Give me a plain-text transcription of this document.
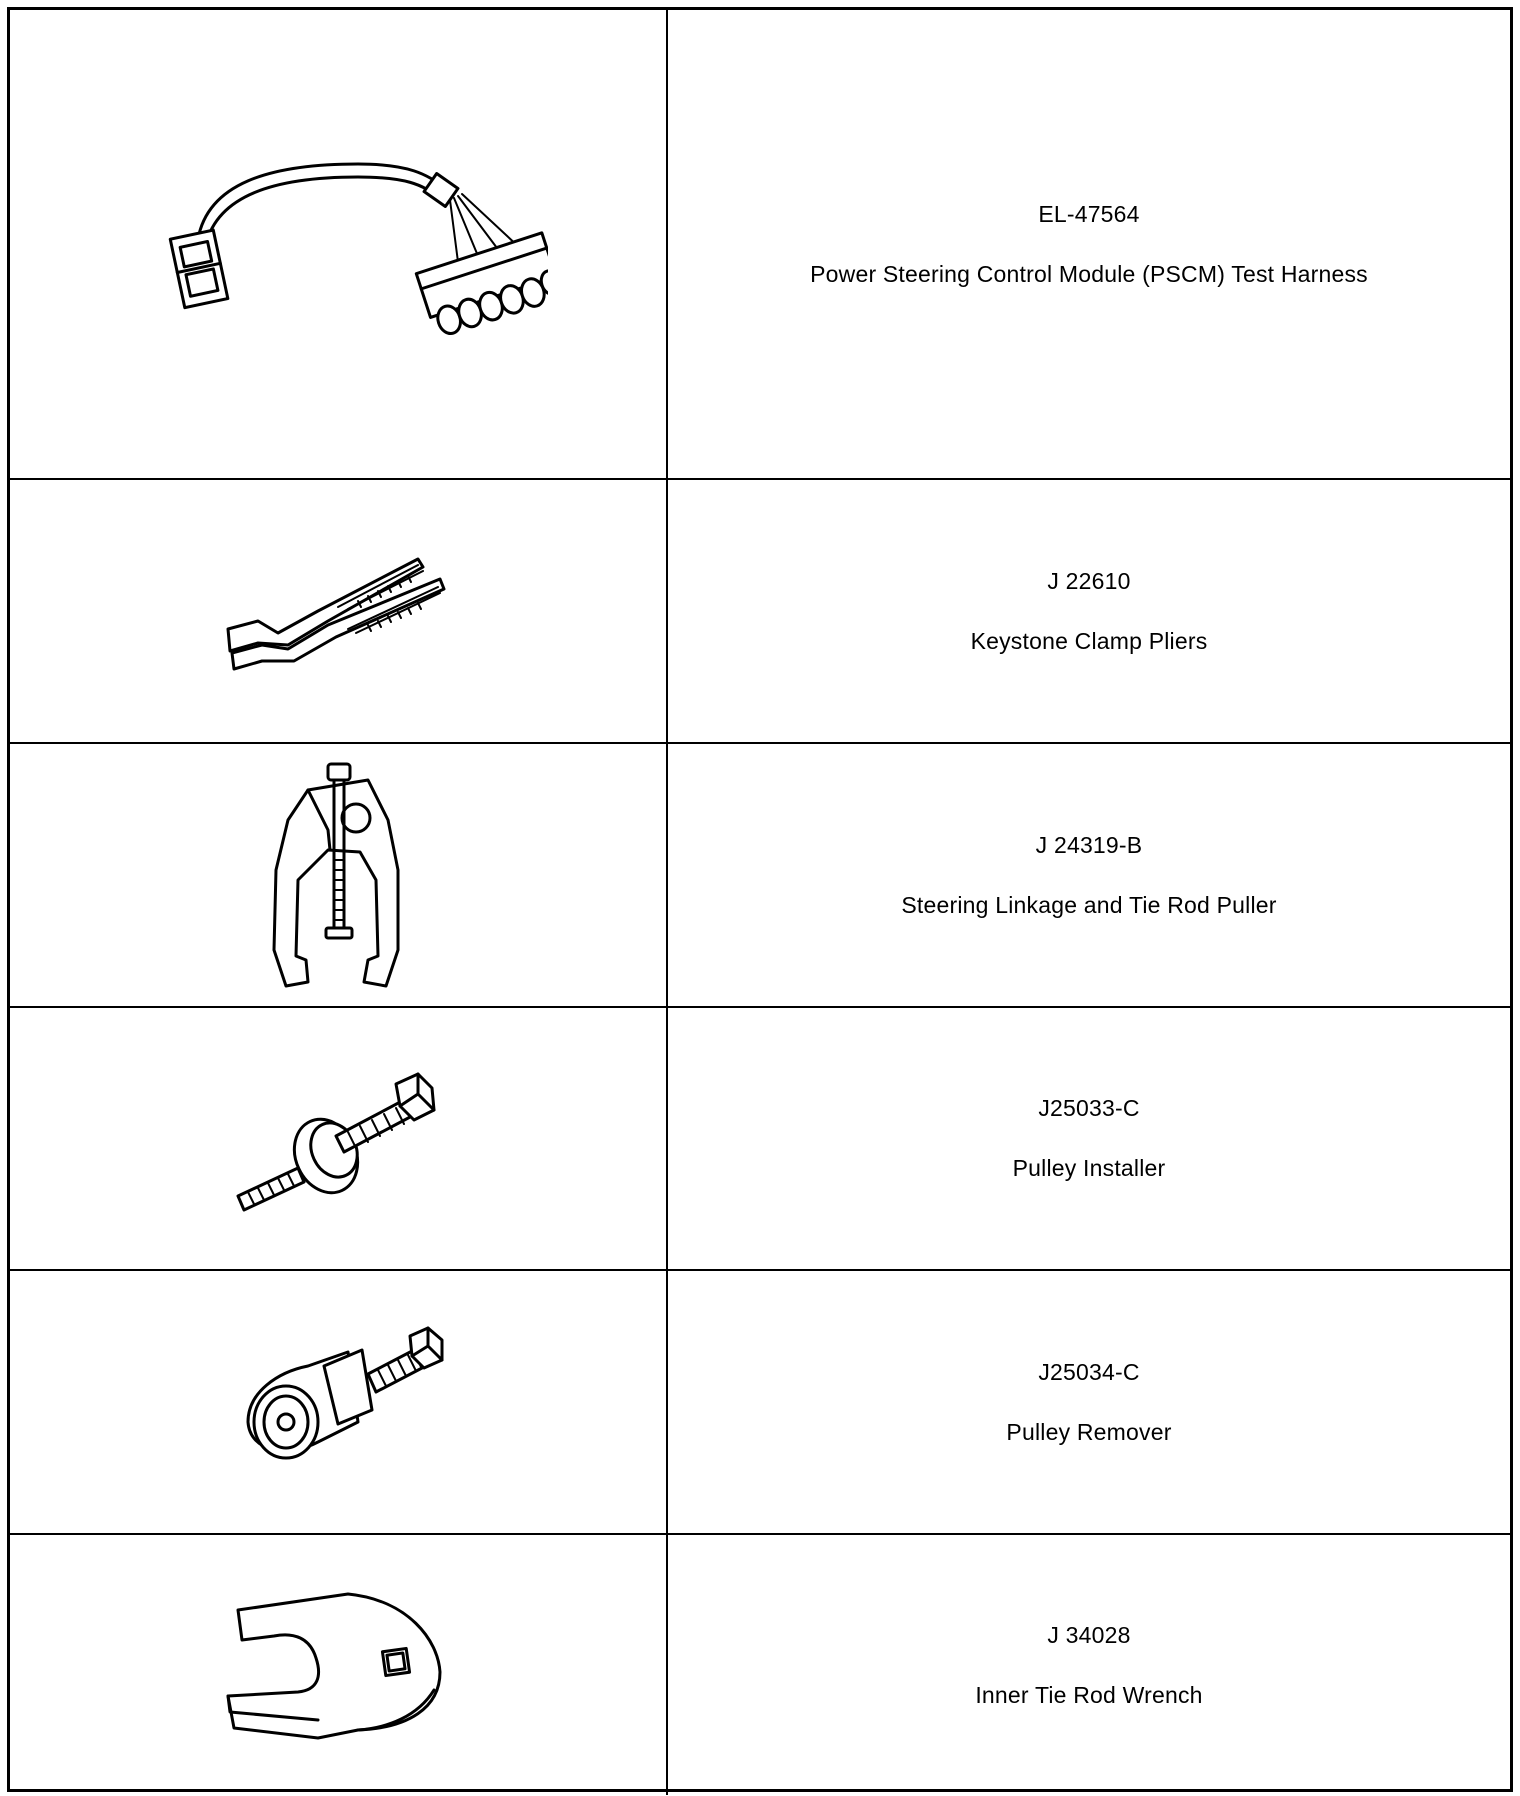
EL-47564
Power Steering Control Module (PSCM) Test Harness
J 22610
Keystone Clamp Pliers
J 24319-B
Steering Linkage and Tie Rod Puller
J25033-C
Pulley Installer
J25034-C
Pulley Remover
J 34028
Inner Tie Rod Wrench
